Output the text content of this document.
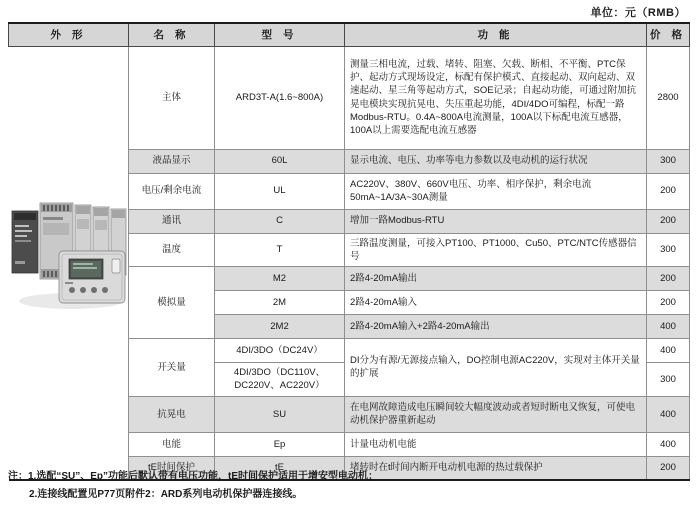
单位：元（RMB）
外 形	名 称	型 号	功 能	价 格

	主体	ARD3T-A(1.6~800A)	测量三相电流，过载、堵转、阻塞、欠载、断相、不平衡、PTC保护、起动方式现场设定，标配有保护模式、直接起动、双向起动、双速起动、星三角等起动方式，SOE记录；自起动功能，可通过附加抗晃电模块实现抗晃电、失压重起功能，4DI/4DO可编程，标配一路Modbus-RTU。0.4A~800A电流测量，100A以下标配电流互感器，100A以上需要选配电流互感器	2800
	液晶显示	60L	显示电流、电压、功率等电力参数以及电动机的运行状况	300
	电压/剩余电流	UL	AC220V、380V、660V电压、功率、相序保护，剩余电流50mA~1A/3A~30A测量	200
	通讯	C	增加一路Modbus-RTU	200
	温度	T	三路温度测量，可接入PT100、PT1000、Cu50、PTC/NTC传感器信号	300
	模拟量	M2	2路4-20mA输出	200
		2M	2路4-20mA输入	200
		2M2	2路4-20mA输入+2路4-20mA输出	400
	开关量	4DI/3DO（DC24V）	DI分为有源/无源接点输入，DO控制电源AC220V，实现对主体开关量的扩展	400
		4DI/3DO（DC110V、DC220V、AC220V）		300
	抗晃电	SU	在电网故障造成电压瞬间较大幅度波动或者短时断电又恢复，可使电动机保护器重新起动	400
	电能	Ep	计量电动机电能	400
	tE时间保护	tE	堵转时在t时间内断开电动机电源的热过载保护	200
注：1.选配“SU”、Ep”功能后默认带有电压功能，tE时间保护适用于增安型电动机；
2.连接线配置见P77页附件2：ARD系列电动机保护器连接线。
